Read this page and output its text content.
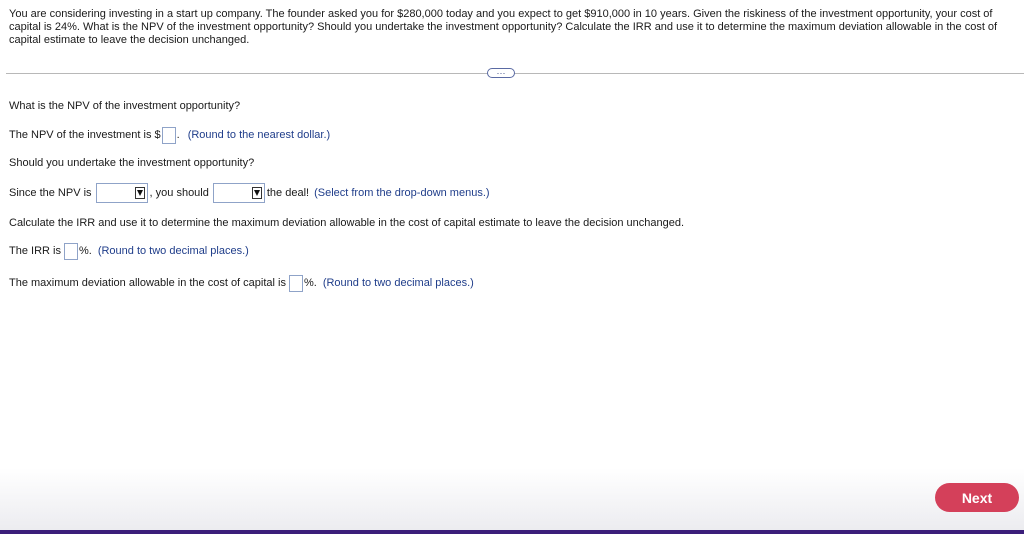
You are considering investing in a start up company. The founder asked you for $280,000 today and you expect to get $910,000 in 10 years. Given the riskiness of the investment opportunity, your cost of capital is 24%. What is the NPV of the investment opportunity? Should you undertake the investment opportunity? Calculate the IRR and use it to determine the maximum deviation allowable in the cost of capital estimate to leave the decision unchanged.
···
What is the NPV of the investment opportunity?
The NPV of the investment is $ . (Round to the nearest dollar.)
Should you undertake the investment opportunity?
Since the NPV is	, you should	the deal! (Select from the drop-down menus.)
Calculate the IRR and use it to determine the maximum deviation allowable in the cost of capital estimate to leave the decision unchanged.
The IRR is %. (Round to two decimal places.)
The maximum deviation allowable in the cost of capital is %. (Round to two decimal places.)
Next
